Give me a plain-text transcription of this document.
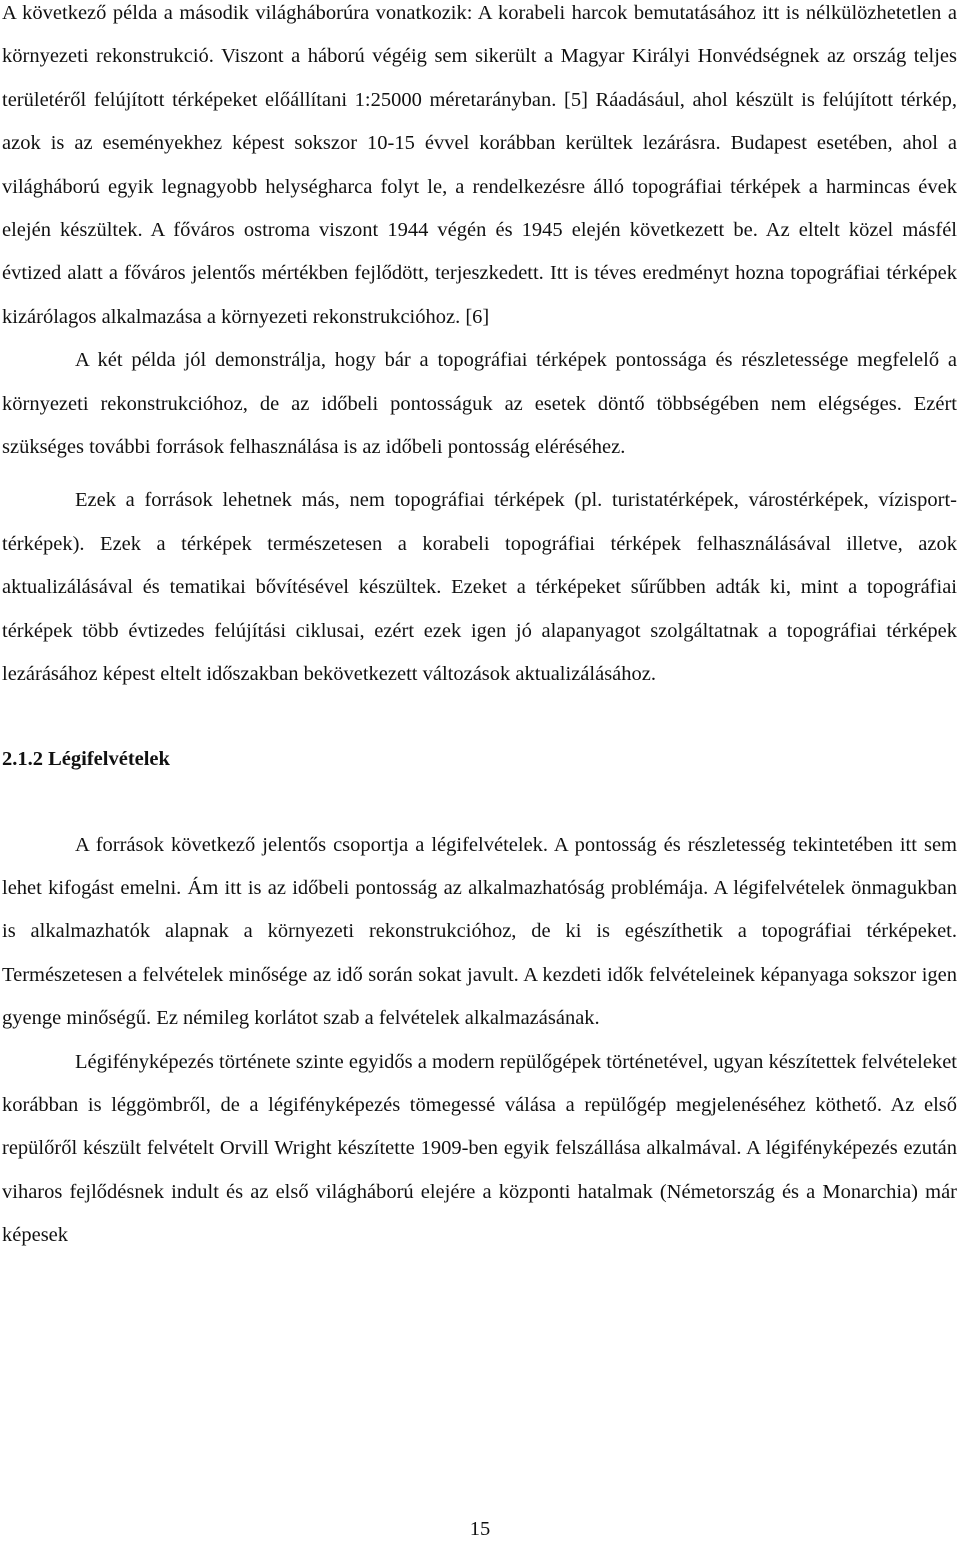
A következő példa a második világháborúra vonatkozik: A korabeli harcok bemutatásához itt is nélkülözhetetlen a környezeti rekonstrukció. Viszont a háború végéig sem sikerült a Magyar Királyi Honvédségnek az ország teljes területéről felújított térképeket előállítani 1:25000 méretarányban. [5] Ráadásául, ahol készült is felújított térkép, azok is az eseményekhez képest sokszor 10-15 évvel korábban kerültek lezárásra. Budapest esetében, ahol a világháború egyik legnagyobb helységharca folyt le, a rendelkezésre álló topográfiai térképek a harmincas évek elején készültek. A főváros ostroma viszont 1944 végén és 1945 elején következett be. Az eltelt közel másfél évtized alatt a főváros jelentős mértékben fejlődött, terjeszkedett. Itt is téves eredményt hozna topográfiai térképek kizárólagos alkalmazása a környezeti rekonstrukcióhoz. [6]

A két példa jól demonstrálja, hogy bár a topográfiai térképek pontossága és részletessége megfelelő a környezeti rekonstrukcióhoz, de az időbeli pontosságuk az esetek döntő többségében nem elégséges. Ezért szükséges további források felhasználása is az időbeli pontosság eléréséhez.

Ezek a források lehetnek más, nem topográfiai térképek (pl. turistatérképek, várostérképek, vízisport-térképek). Ezek a térképek természetesen a korabeli topográfiai térképek felhasználásával illetve, azok aktualizálásával és tematikai bővítésével készültek. Ezeket a térképeket sűrűbben adták ki, mint a topográfiai térképek több évtizedes felújítási ciklusai, ezért ezek igen jó alapanyagot szolgáltatnak a topográfiai térképek lezárásához képest eltelt időszakban bekövetkezett változások aktualizálásához.

2.1.2 Légifelvételek

A források következő jelentős csoportja a légifelvételek. A pontosság és részletesség tekintetében itt sem lehet kifogást emelni. Ám itt is az időbeli pontosság az alkalmazhatóság problémája. A légifelvételek önmagukban is alkalmazhatók alapnak a környezeti rekonstrukcióhoz, de ki is egészíthetik a topográfiai térképeket. Természetesen a felvételek minősége az idő során sokat javult. A kezdeti idők felvételeinek képanyaga sokszor igen gyenge minőségű. Ez némileg korlátot szab a felvételek alkalmazásának.

Légifényképezés története szinte egyidős a modern repülőgépek történetével, ugyan készítettek felvételeket korábban is léggömbről, de a légifényképezés tömegessé válása a repülőgép megjelenéséhez köthető. Az első repülőről készült felvételt Orvill Wright készítette 1909-ben egyik felszállása alkalmával. A légifényképezés ezután viharos fejlődésnek indult és az első világháború elejére a központi hatalmak (Németország és a Monarchia) már képesek

15
